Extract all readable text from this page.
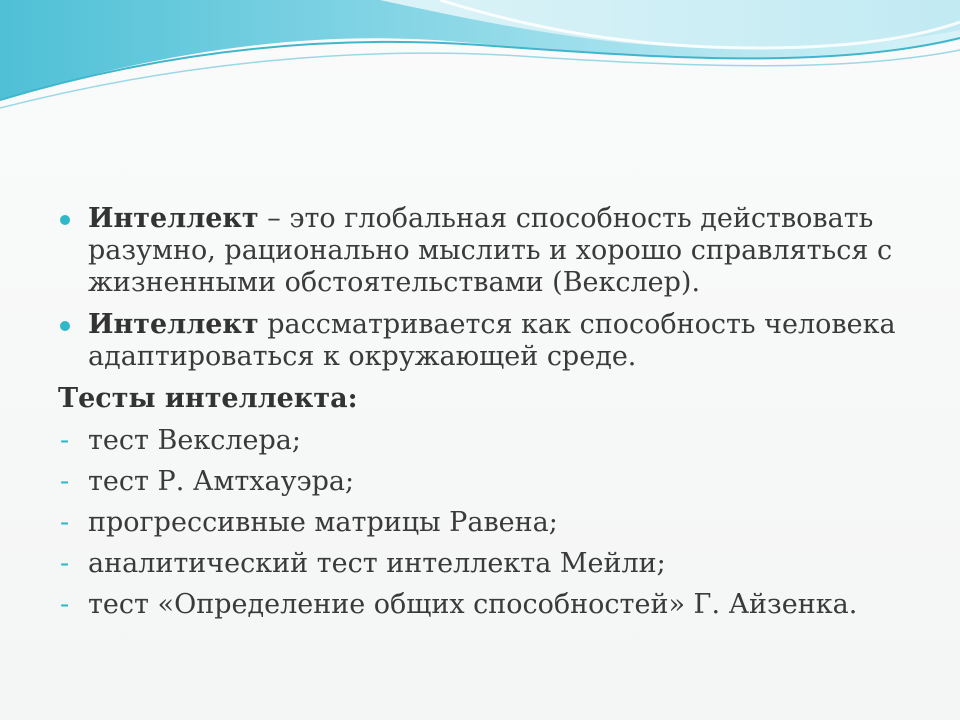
Интеллект – это глобальная способность действовать
разумно, рационально мыслить и хорошо справляться с
жизненными обстоятельствами (Векслер).
Интеллект рассматривается как способность человека
адаптироваться к окружающей среде.
Тесты интеллекта:
- тест Векслера;
- тест Р. Амтхауэра;
- прогрессивные матрицы Равена;
- аналитический тест интеллекта Мейли;
- тест «Определение общих способностей» Г. Айзенка.
